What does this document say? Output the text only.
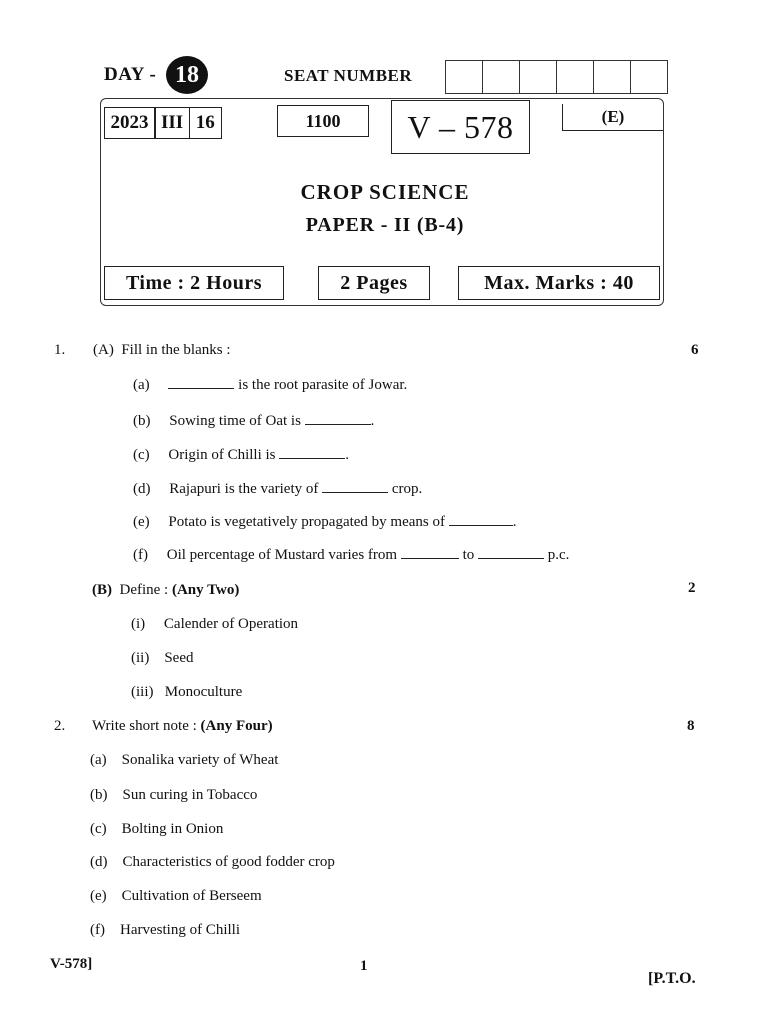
DAY - 18	SEAT NUMBER
2023 III 16	1100	V – 578	(E)
CROP SCIENCE
PAPER - II (B-4)
Time : 2 Hours	2 Pages	Max. Marks : 40
1. (A) Fill in the blanks :	6
(a)	is the root parasite of Jowar.
(b) Sowing time of Oat is	.
(c) Origin of Chilli is	.
(d) Rajapuri is the variety of	crop.
(e) Potato is vegetatively propagated by means of	.
(f) Oil percentage of Mustard varies from	to	p.c.
(B) Define : (Any Two)	2
(i) Calender of Operation
(ii) Seed
(iii) Monoculture
2. Write short note : (Any Four)	8
(a) Sonalika variety of Wheat
(b) Sun curing in Tobacco
(c) Bolting in Onion
(d) Characteristics of good fodder crop
(e) Cultivation of Berseem
(f) Harvesting of Chilli
V-578]	1
[P.T.O.
